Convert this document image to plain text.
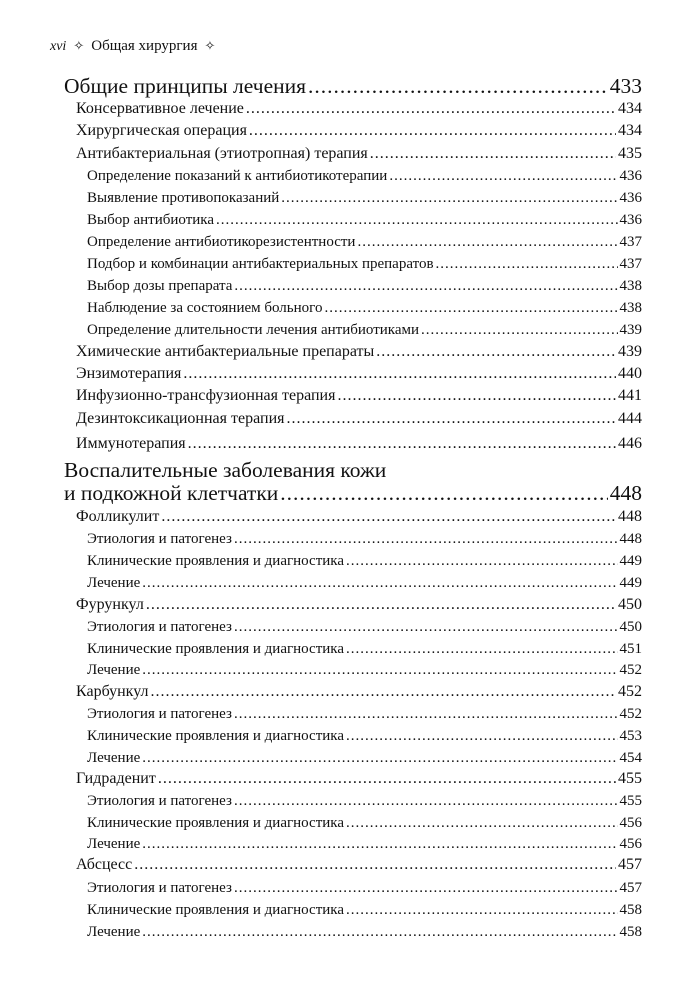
xvi ✧ Общая хирургия ✧
Общие принципы лечения .....	433
Консервативное лечение .....	434
Хирургическая операция .....	434
Антибактериальная (этиотропная) терапия .....	435
Определение показаний к антибиотикотерапии .....	436
Выявление противопоказаний .....	436
Выбор антибиотика .....	436
Определение антибиотикорезистентности .....	437
Подбор и комбинации антибактериальных препаратов .....	437
Выбор дозы препарата .....	438
Наблюдение за состоянием больного .....	438
Определение длительности лечения антибиотиками .....	439
Химические антибактериальные препараты .....	439
Энзимотерапия .....	440
Инфузионно-трансфузионная терапия .....	441
Дезинтоксикационная терапия .....	444
Иммунотерапия .....	446
Воспалительные заболевания кожи
и подкожной клетчатки .....	448
Фолликулит .....	448
Этиология и патогенез .....	448
Клинические проявления и диагностика .....	449
Лечение .....	449
Фурункул .....	450
Этиология и патогенез .....	450
Клинические проявления и диагностика .....	451
Лечение .....	452
Карбункул .....	452
Этиология и патогенез .....	452
Клинические проявления и диагностика .....	453
Лечение .....	454
Гидраденит .....	455
Этиология и патогенез .....	455
Клинические проявления и диагностика .....	456
Лечение .....	456
Абсцесс .....	457
Этиология и патогенез .....	457
Клинические проявления и диагностика .....	458
Лечение .....	458
